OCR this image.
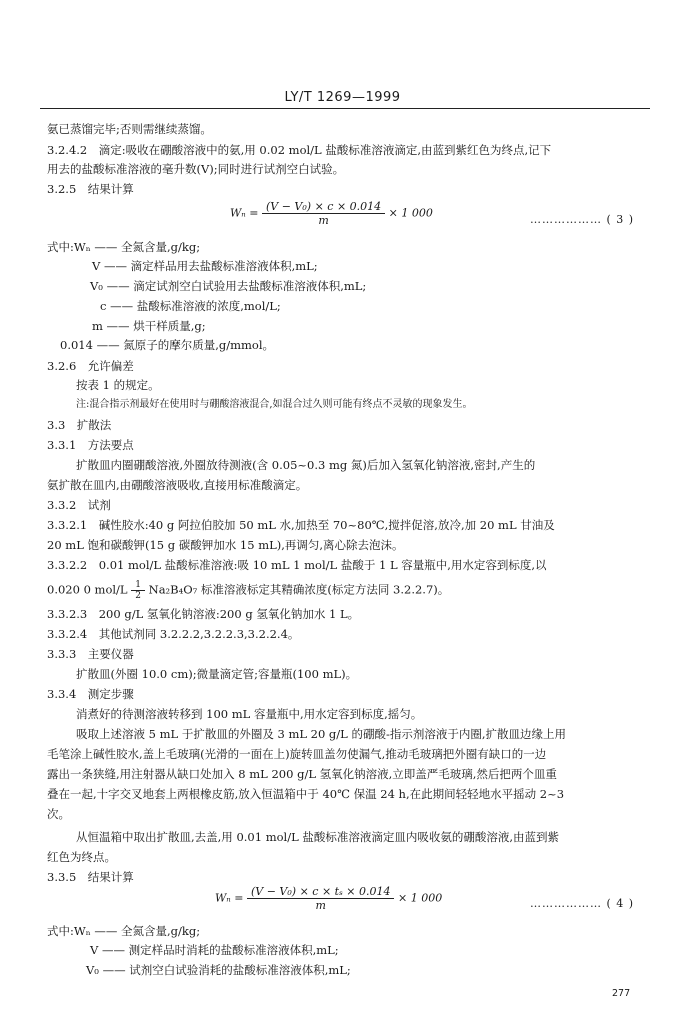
LY/T 1269—1999
氨已蒸馏完毕;否则需继续蒸馏。
3.2.4.2　滴定:吸收在硼酸溶液中的氨,用 0.02 mol/L 盐酸标准溶液滴定,由蓝到紫红色为终点,记下
用去的盐酸标准溶液的毫升数(V);同时进行试剂空白试验。
3.2.5　结果计算
$W_n = \frac{\text{(V − V₀) × c × 0.014}}{m} \times 1$ 000	……………… ( 3 )
式中:Wₙ —— 全氮含量,g/kg;
V —— 滴定样品用去盐酸标准溶液体积,mL;
V₀ —— 滴定试剂空白试验用去盐酸标准溶液体积,mL;
c —— 盐酸标准溶液的浓度,mol/L;
m —— 烘干样质量,g;
0.014 —— 氮原子的摩尔质量,g/mmol。
3.2.6　允许偏差
按表 1 的规定。
注:混合指示剂最好在使用时与硼酸溶液混合,如混合过久则可能有终点不灵敏的现象发生。
3.3　扩散法
3.3.1　方法要点
扩散皿内圈硼酸溶液,外圈放待测液(含 0.05~0.3 mg 氮)后加入氢氧化钠溶液,密封,产生的
氨扩散在皿内,由硼酸溶液吸收,直接用标准酸滴定。
3.3.2　试剂
3.3.2.1　碱性胶水:40 g 阿拉伯胶加 50 mL 水,加热至 70~80℃,搅拌促溶,放冷,加 20 mL 甘油及
20 mL 饱和碳酸钾(15 g 碳酸钾加水 15 mL),再调匀,离心除去泡沫。
3.3.2.2　0.01 mol/L 盐酸标准溶液:吸 10 mL 1 mol/L 盐酸于 1 L 容量瓶中,用水定容到标度,以
0.020 0 $mol/L \frac{1}{2} Na_2B_4O_7$ 标准溶液标定其精确浓度(标定方法同 3.2.2.7)。
3.3.2.3　200 g/L 氢氧化钠溶液:200 g 氢氧化钠加水 1 L。
3.3.2.4　其他试剂同 3.2.2.2,3.2.2.3,3.2.2.4。
3.3.3　主要仪器
扩散皿(外圈 10.0 cm);微量滴定管;容量瓶(100 mL)。
3.3.4　测定步骤
消煮好的待测溶液转移到 100 mL 容量瓶中,用水定容到标度,摇匀。
吸取上述溶液 5 mL 于扩散皿的外圈及 3 mL 20 g/L 的硼酸-指示剂溶液于内圈,扩散皿边缘上用
毛笔涂上碱性胶水,盖上毛玻璃(光滑的一面在上)旋转皿盖勿使漏气,推动毛玻璃把外圈有缺口的一边
露出一条狭缝,用注射器从缺口处加入 8 mL 200 g/L 氢氧化钠溶液,立即盖严毛玻璃,然后把两个皿重
叠在一起,十字交叉地套上两根橡皮筋,放入恒温箱中于 40℃ 保温 24 h,在此期间轻轻地水平摇动 2~3
次。
从恒温箱中取出扩散皿,去盖,用 0.01 mol/L 盐酸标准溶液滴定皿内吸收氨的硼酸溶液,由蓝到紫
红色为终点。
3.3.5　结果计算
$W_n = \frac{\text{(V − V₀) × c × tₛ × 0.014}}{m} \times 1$ 000	……………… ( 4 )
式中:Wₙ —— 全氮含量,g/kg;
V —— 测定样品时消耗的盐酸标准溶液体积,mL;
V₀ —— 试剂空白试验消耗的盐酸标准溶液体积,mL;
277
